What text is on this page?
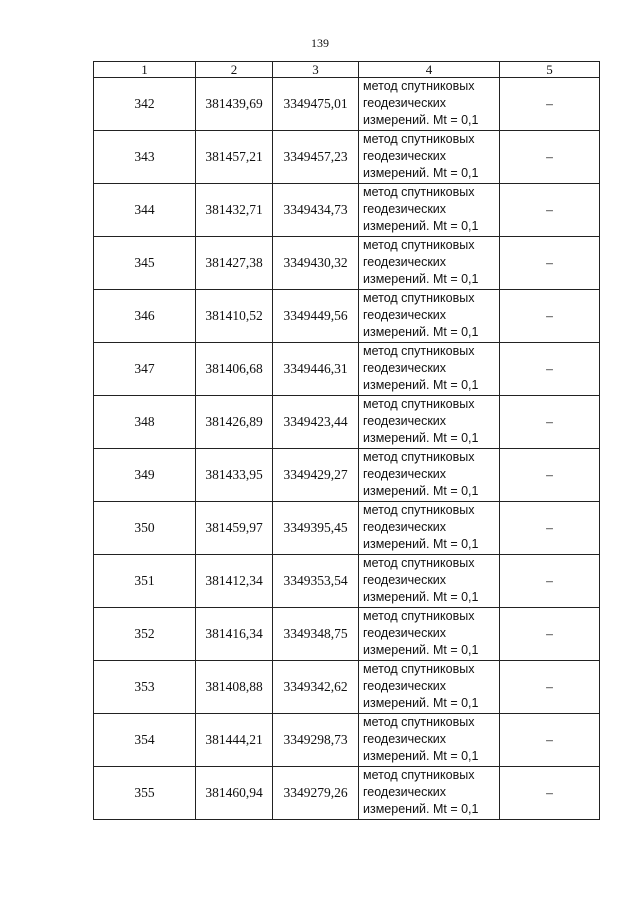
139
1	2	3	4	5
342	381439,69	3349475,01	метод спутниковых
геодезических
измерений. Mt = 0,1	–
343	381457,21	3349457,23	метод спутниковых
геодезических
измерений. Mt = 0,1	–
344	381432,71	3349434,73	метод спутниковых
геодезических
измерений. Mt = 0,1	–
345	381427,38	3349430,32	метод спутниковых
геодезических
измерений. Mt = 0,1	–
346	381410,52	3349449,56	метод спутниковых
геодезических
измерений. Mt = 0,1	–
347	381406,68	3349446,31	метод спутниковых
геодезических
измерений. Mt = 0,1	–
348	381426,89	3349423,44	метод спутниковых
геодезических
измерений. Mt = 0,1	–
349	381433,95	3349429,27	метод спутниковых
геодезических
измерений. Mt = 0,1	–
350	381459,97	3349395,45	метод спутниковых
геодезических
измерений. Mt = 0,1	–
351	381412,34	3349353,54	метод спутниковых
геодезических
измерений. Mt = 0,1	–
352	381416,34	3349348,75	метод спутниковых
геодезических
измерений. Mt = 0,1	–
353	381408,88	3349342,62	метод спутниковых
геодезических
измерений. Mt = 0,1	–
354	381444,21	3349298,73	метод спутниковых
геодезических
измерений. Mt = 0,1	–
355	381460,94	3349279,26	метод спутниковых
геодезических
измерений. Mt = 0,1	–
